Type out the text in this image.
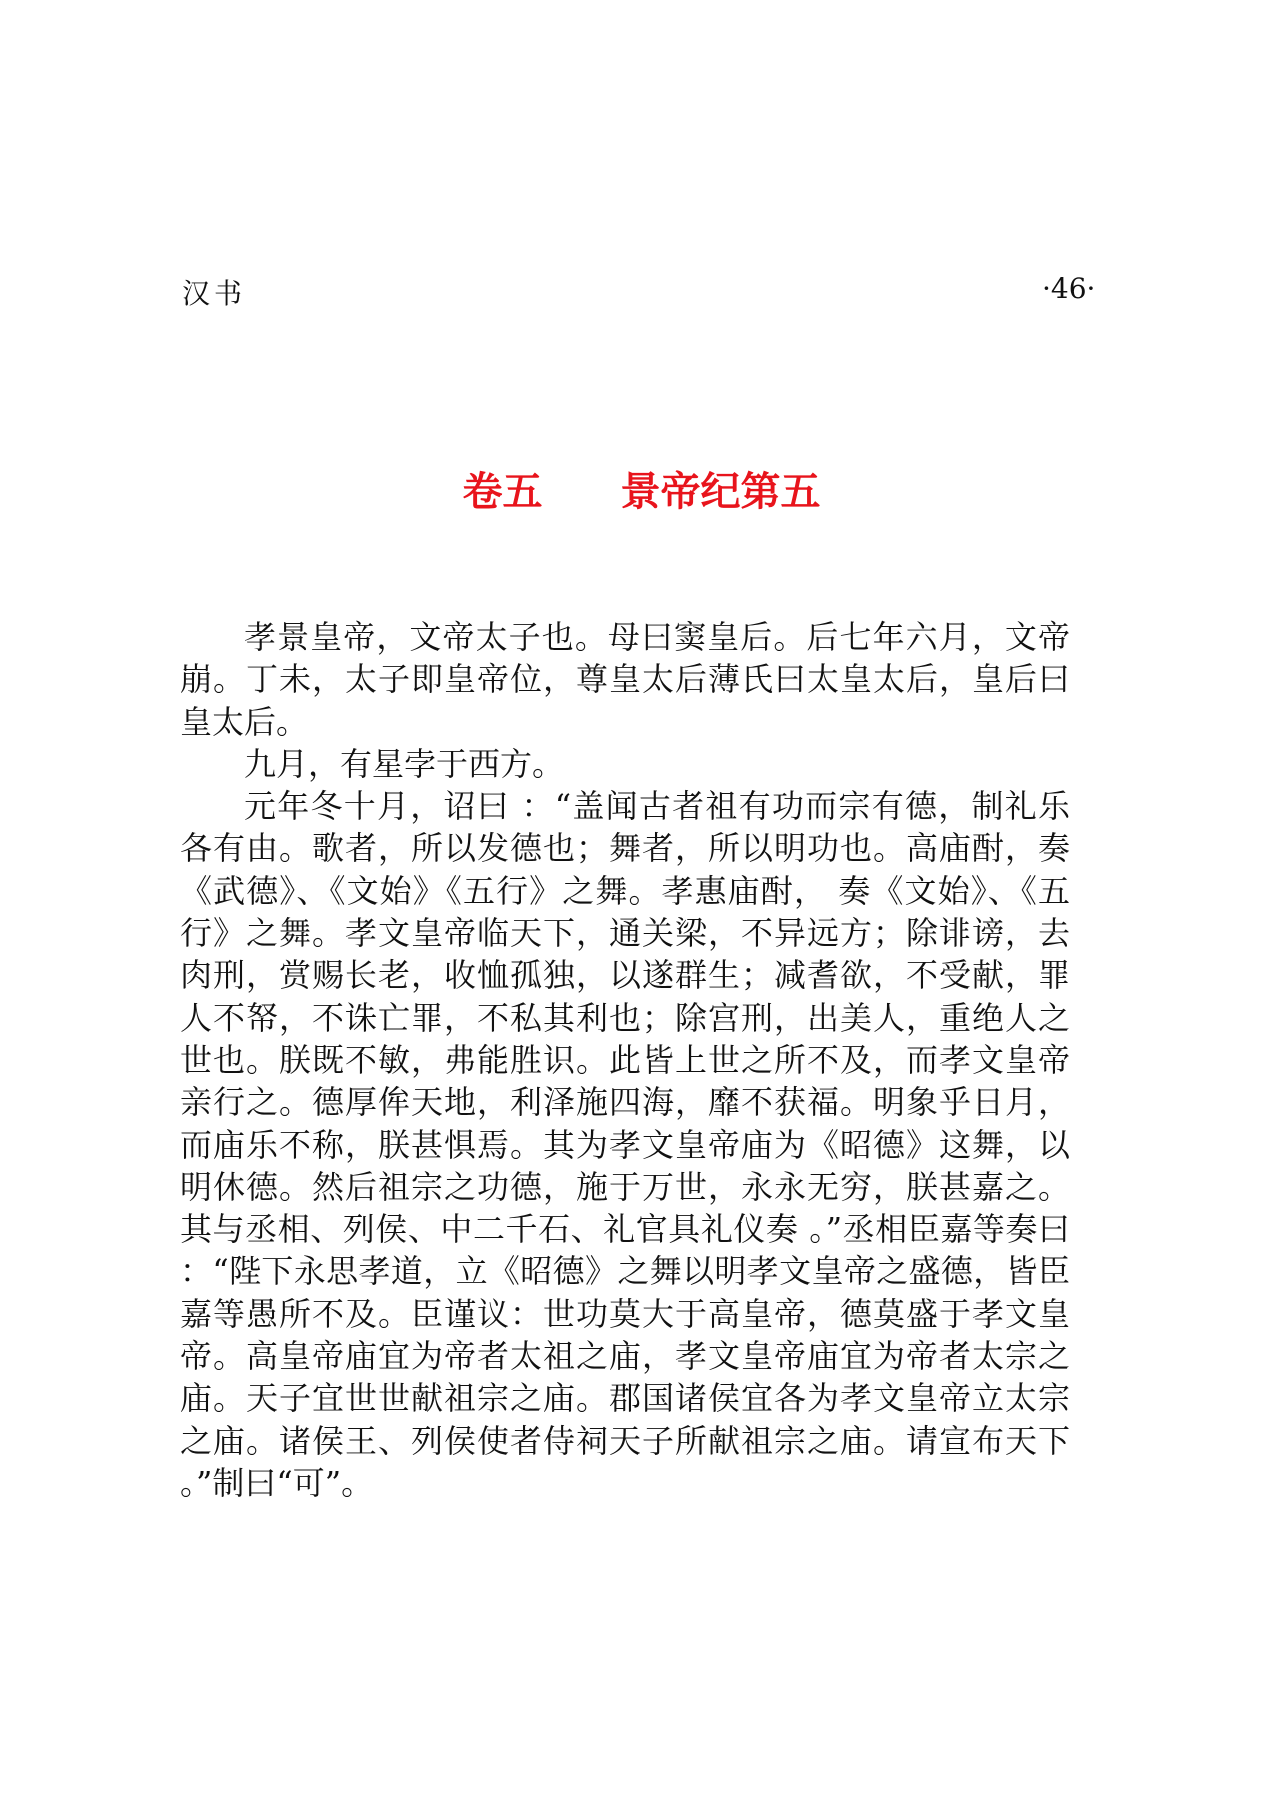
汉书	·46·
卷五 景帝纪第五

孝景皇帝，文帝太子也。母曰窦皇后。后七年六月，文帝崩。丁未，太子即皇帝位，尊皇太后薄氏曰太皇太后，皇后曰皇太后。

九月，有星孛于西方。

元年冬十月，诏曰 ：“盖闻古者祖有功而宗有德，制礼乐各有由。歌者，所以发德也；舞者，所以明功也。高庙酎，奏《武德》、《文始》《五行》之舞。孝惠庙酎， 奏《文始》、《五行》之舞。孝文皇帝临天下，通关梁，不异远方；除诽谤，去肉刑，赏赐长老，收恤孤独，以遂群生；减耆欲，不受献，罪人不帑，不诛亡罪，不私其利也；除宫刑，出美人，重绝人之世也。朕既不敏，弗能胜识。此皆上世之所不及，而孝文皇帝亲行之。德厚侔天地，利泽施四海，靡不获福。明象乎日月，而庙乐不称，朕甚惧焉。其为孝文皇帝庙为《昭德》这舞，以明休德。然后祖宗之功德，施于万世，永永无穷，朕甚嘉之。其与丞相、列侯、中二千石、礼官具礼仪奏 。”丞相臣嘉等奏曰 ：“陛下永思孝道，立《昭德》之舞以明孝文皇帝之盛德，皆臣嘉等愚所不及。臣谨议：世功莫大于高皇帝，德莫盛于孝文皇帝。高皇帝庙宜为帝者太祖之庙，孝文皇帝庙宜为帝者太宗之庙。天子宜世世献祖宗之庙。郡国诸侯宜各为孝文皇帝立太宗之庙。诸侯王、列侯使者侍祠天子所献祖宗之庙。请宣布天下 。”制曰“可”。
